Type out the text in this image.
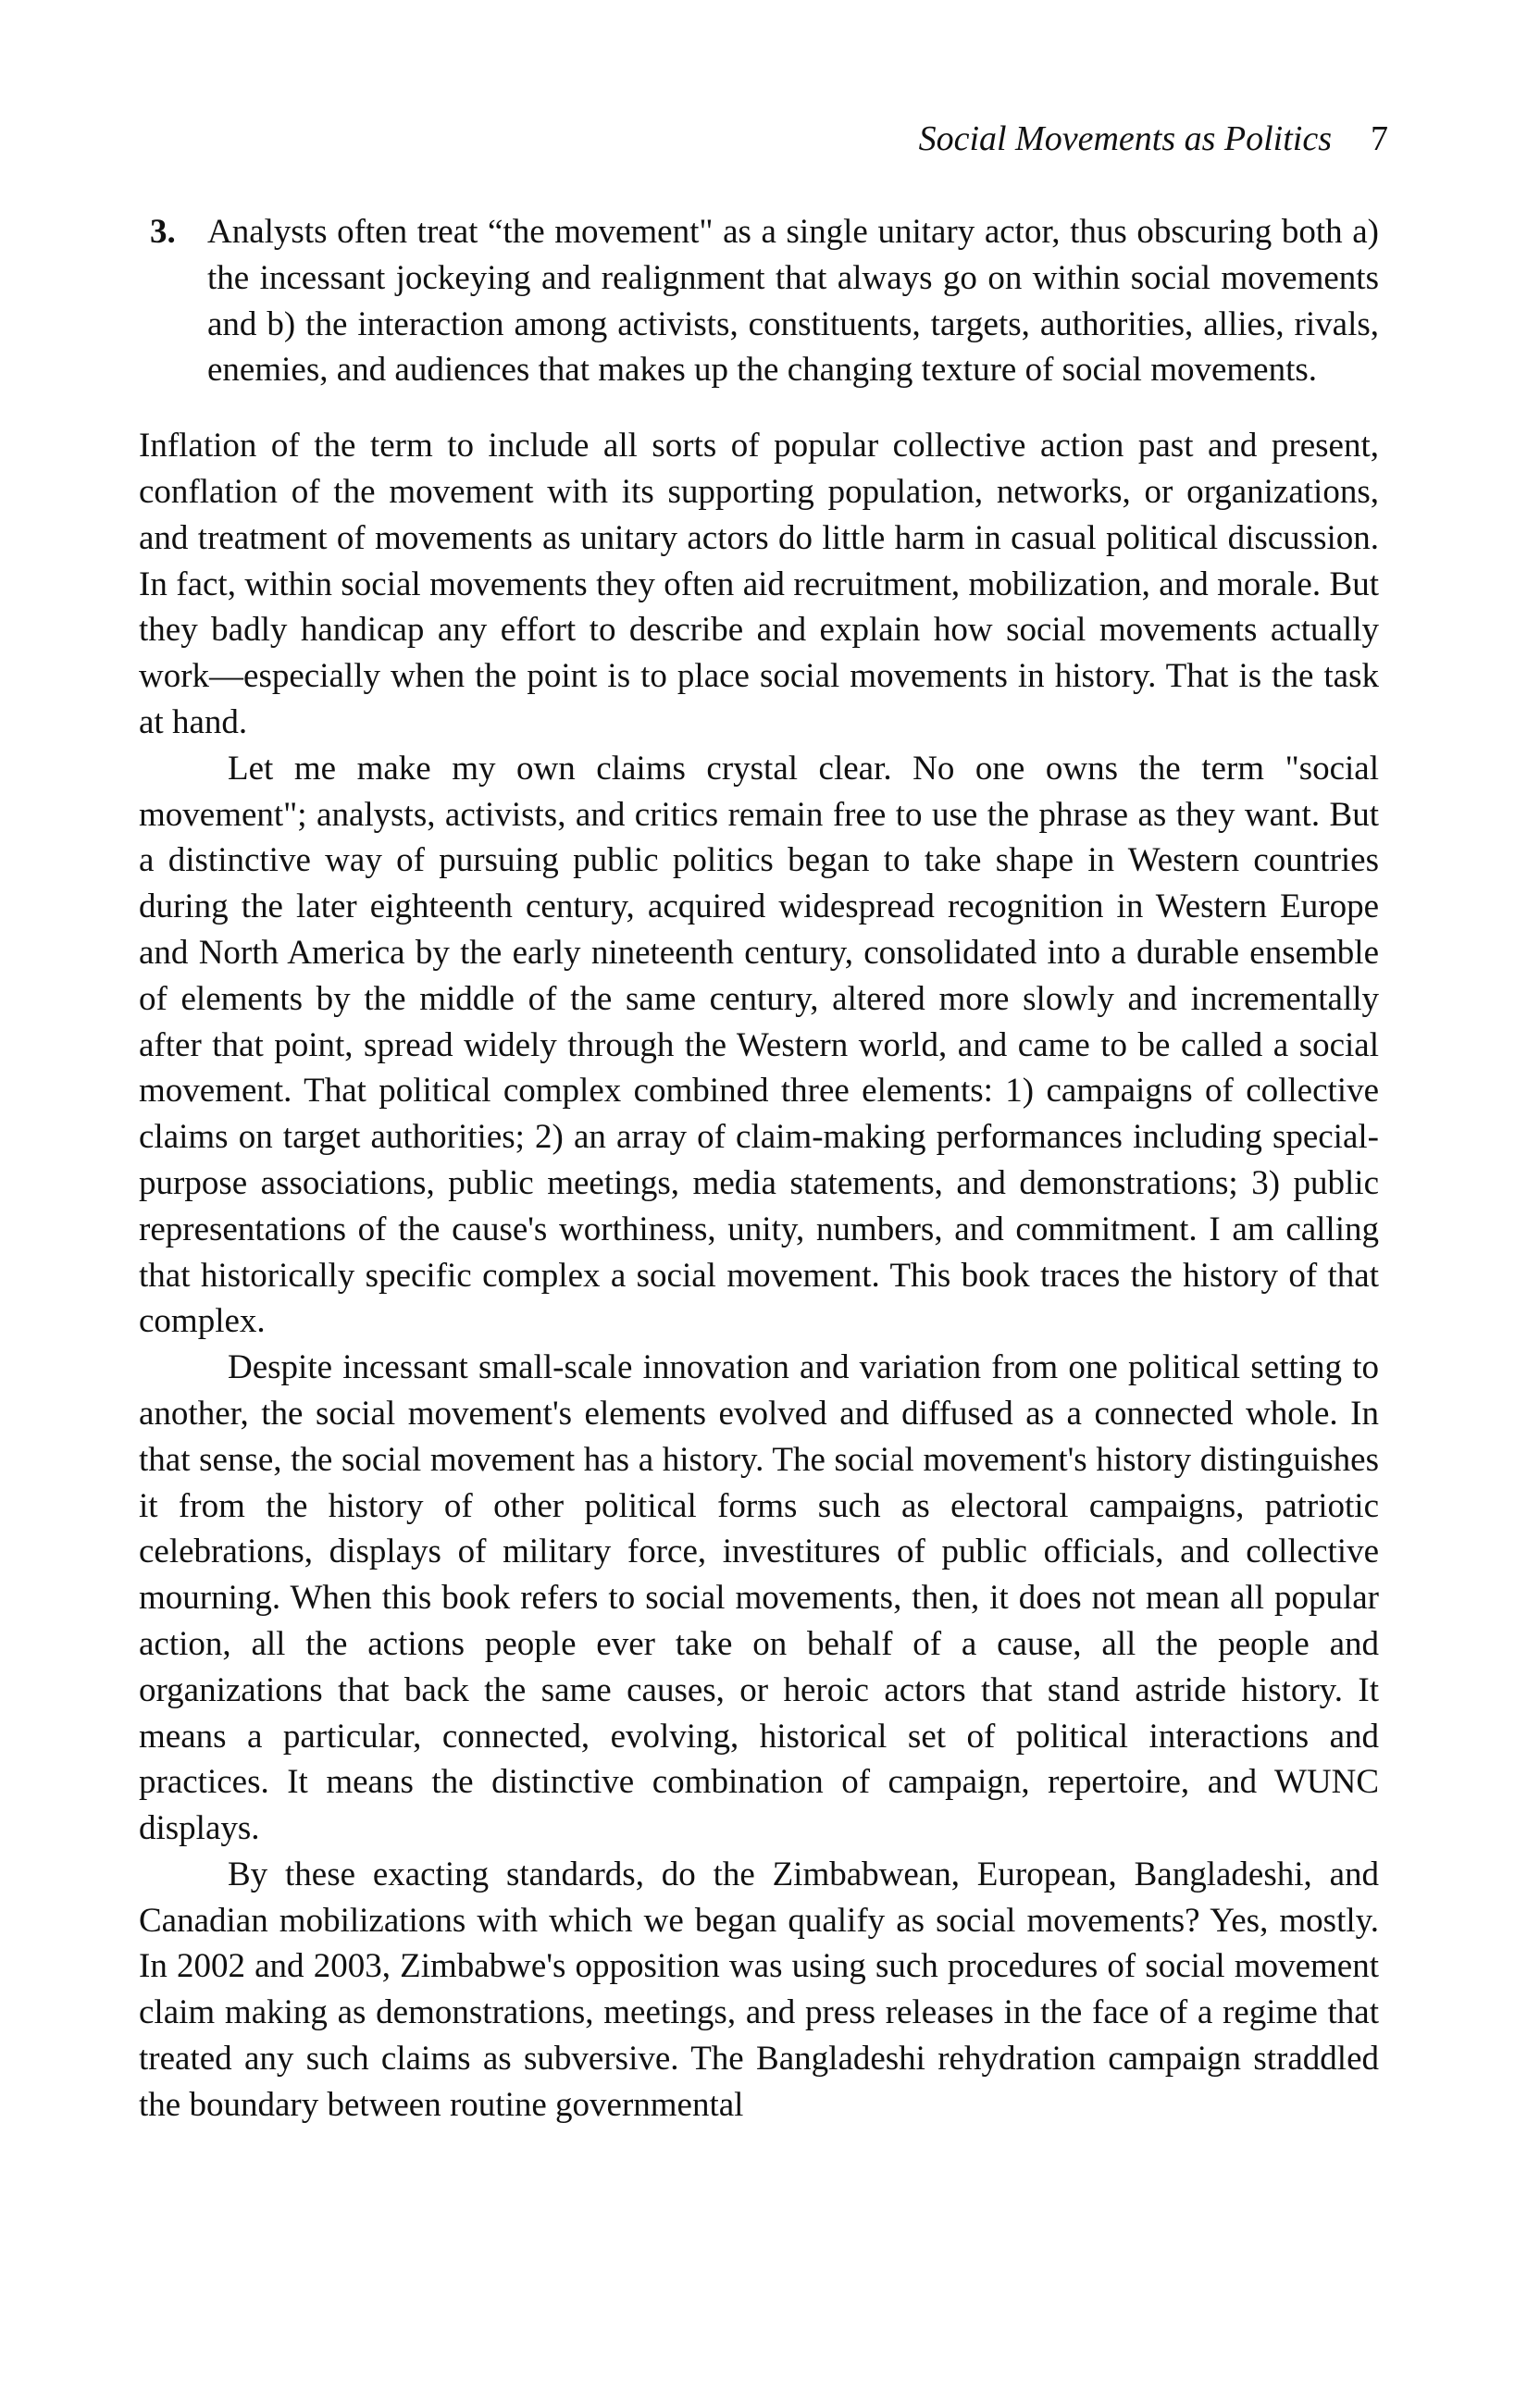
Social Movements as Politics 7
3. Analysts often treat “the movement" as a single unitary actor, thus obscuring both a) the incessant jockeying and realignment that always go on within social movements and b) the interaction among activists, constituents, targets, authorities, allies, rivals, enemies, and audiences that makes up the changing texture of social movements.

Inflation of the term to include all sorts of popular collective action past and present, conflation of the movement with its supporting population, networks, or organizations, and treatment of movements as unitary actors do little harm in casual political discussion. In fact, within social movements they often aid recruitment, mobilization, and morale. But they badly handicap any effort to describe and explain how social movements actually work—especially when the point is to place social movements in history. That is the task at hand.

Let me make my own claims crystal clear. No one owns the term "social movement"; analysts, activists, and critics remain free to use the phrase as they want. But a distinctive way of pursuing public politics began to take shape in Western countries during the later eighteenth century, acquired widespread recognition in Western Europe and North America by the early nineteenth century, consolidated into a durable ensemble of elements by the middle of the same century, altered more slowly and incrementally after that point, spread widely through the Western world, and came to be called a social movement. That political complex combined three elements: 1) campaigns of collective claims on target authorities; 2) an array of claim-making performances including special-purpose associations, public meetings, media statements, and demonstrations; 3) public representations of the cause's worthiness, unity, numbers, and commitment. I am calling that historically specific complex a social movement. This book traces the history of that complex.

Despite incessant small-scale innovation and variation from one political setting to another, the social movement's elements evolved and diffused as a connected whole. In that sense, the social movement has a history. The social movement's history distinguishes it from the history of other political forms such as electoral campaigns, patriotic celebrations, displays of military force, investitures of public officials, and collective mourning. When this book refers to social movements, then, it does not mean all popular action, all the actions people ever take on behalf of a cause, all the people and organizations that back the same causes, or heroic actors that stand astride history. It means a particular, connected, evolving, historical set of political interactions and practices. It means the distinctive combination of campaign, repertoire, and WUNC displays.

By these exacting standards, do the Zimbabwean, European, Bangladeshi, and Canadian mobilizations with which we began qualify as social movements? Yes, mostly. In 2002 and 2003, Zimbabwe's opposition was using such procedures of social movement claim making as demonstrations, meetings, and press releases in the face of a regime that treated any such claims as subversive. The Bangladeshi rehydration campaign straddled the boundary between routine governmental
